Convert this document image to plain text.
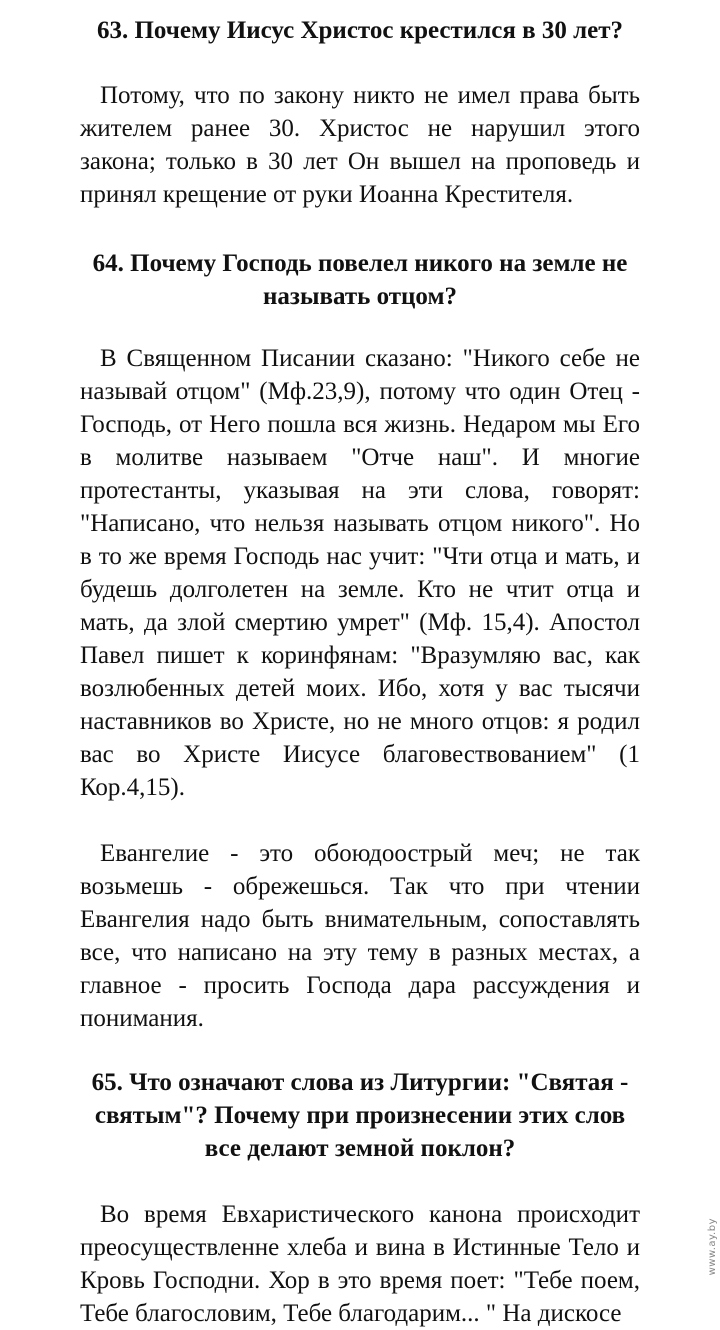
63. Почему Иисус Христос крестился в 30 лет?

Потому, что по закону никто не имел права быть жителем ранее 30. Христос не нарушил этого закона; только в 30 лет Он вышел на проповедь и принял крещение от руки Иоанна Крестителя.

64. Почему Господь повелел никого на земле не называть отцом?

В Священном Писании сказано: "Никого себе не называй отцом" (Мф.23,9), потому что один Отец - Господь, от Него пошла вся жизнь. Недаром мы Его в молитве называем "Отче наш". И многие протестанты, указывая на эти слова, говорят: "Написано, что нельзя называть отцом никого". Но в то же время Господь нас учит: "Чти отца и мать, и будешь долголетен на земле. Кто не чтит отца и мать, да злой смертию умрет" (Мф. 15,4). Апостол Павел пишет к коринфянам: "Вразумляю вас, как возлюбенных детей моих. Ибо, хотя у вас тысячи наставников во Христе, но не много отцов: я родил вас во Христе Иисусе благовествованием" (1 Кор.4,15).

Евангелие - это обоюдоострый меч; не так возьмешь - обрежешься. Так что при чтении Евангелия надо быть внимательным, сопоставлять все, что написано на эту тему в разных местах, а главное - просить Господа дара рассуждения и понимания.

65. Что означают слова из Литургии: "Святая - святым"? Почему при произнесении этих слов все делают земной поклон?

Во время Евхаристического канона происходит преосуществленне хлеба и вина в Истинные Тело и Кровь Господни. Хор в это время поет: "Тебе поем, Тебе благословим, Тебе благодарим... " На дискосе

www.ay.by
